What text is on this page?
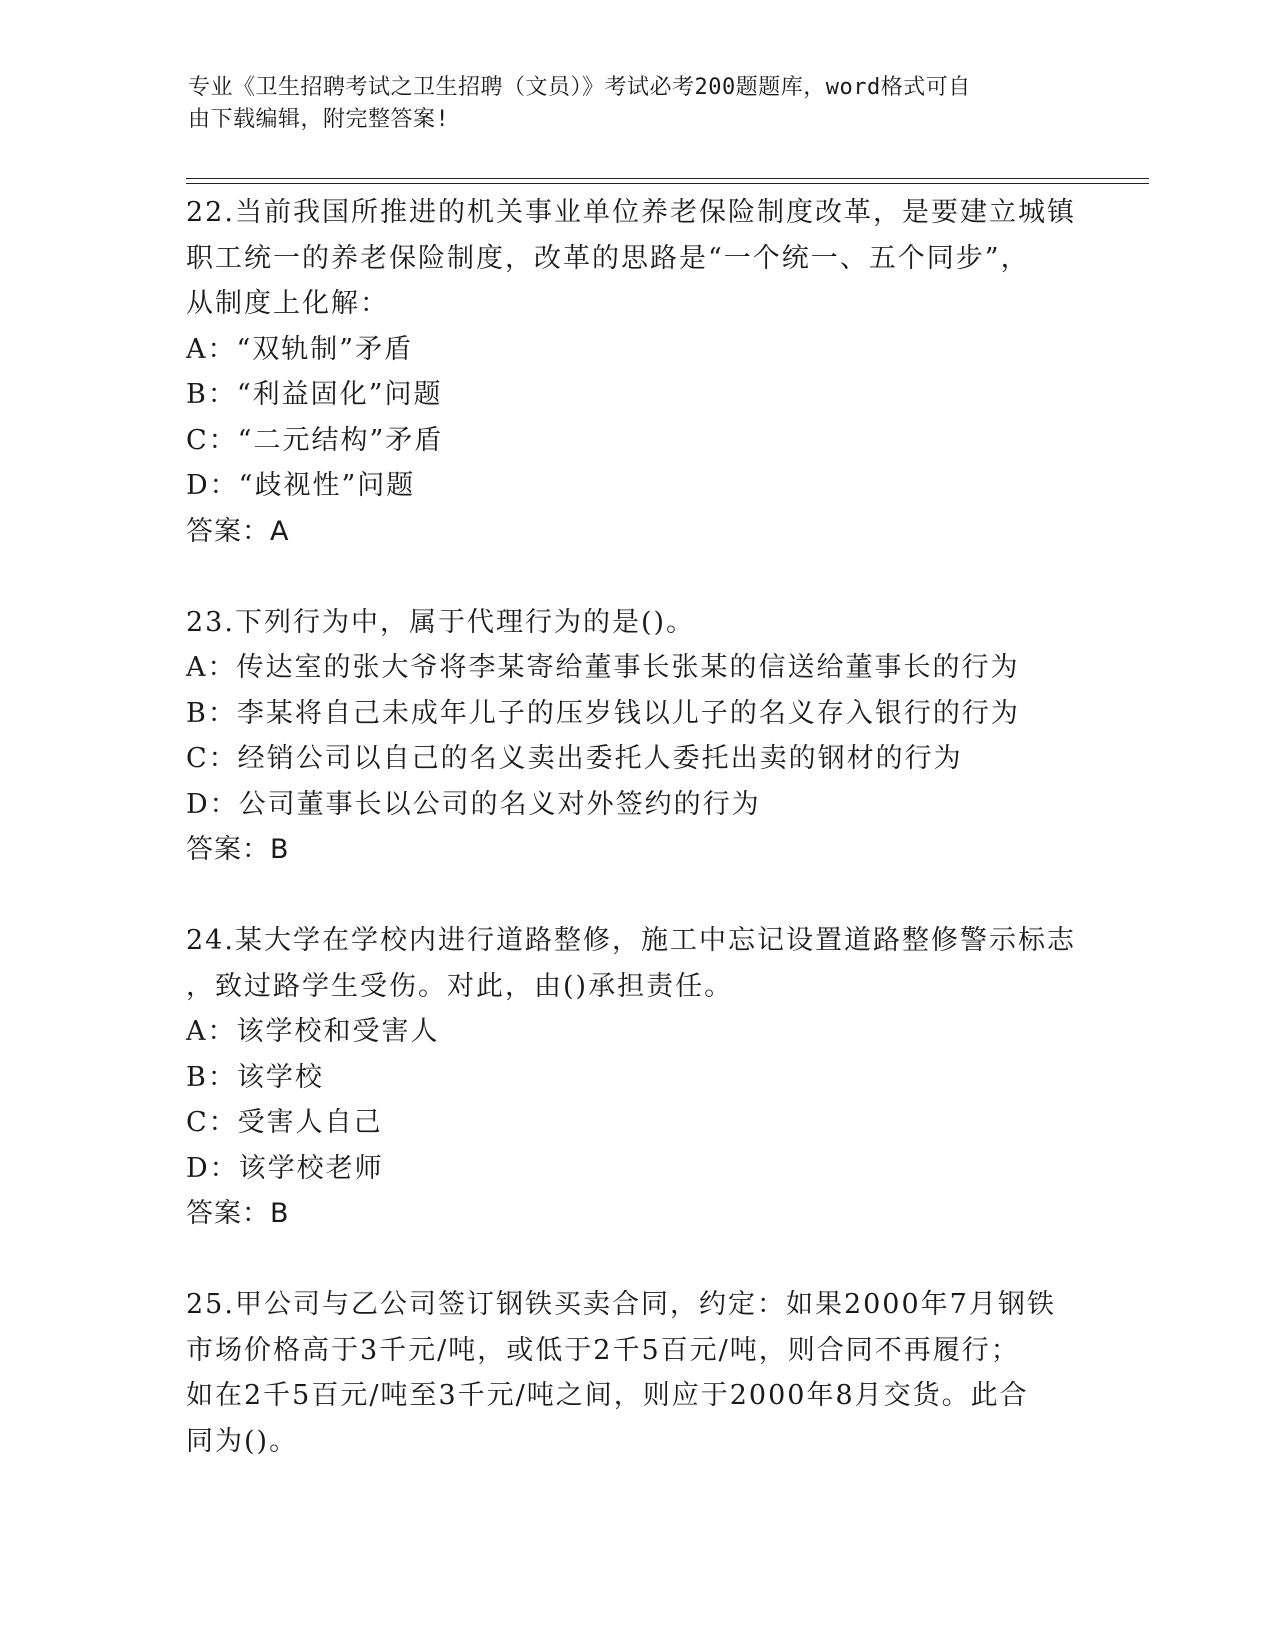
专业《卫生招聘考试之卫生招聘（文员）》考试必考200题题库，word格式可自
由下载编辑，附完整答案!
22.当前我国所推进的机关事业单位养老保险制度改革，是要建立城镇
职工统一的养老保险制度，改革的思路是“一个统一、五个同步”，
从制度上化解：
A：“双轨制”矛盾
B：“利益固化”问题
C：“二元结构”矛盾
D：“歧视性”问题
答案：A
23.下列行为中，属于代理行为的是()。
A：传达室的张大爷将李某寄给董事长张某的信送给董事长的行为
B：李某将自己未成年儿子的压岁钱以儿子的名义存入银行的行为
C：经销公司以自己的名义卖出委托人委托出卖的钢材的行为
D：公司董事长以公司的名义对外签约的行为
答案：B
24.某大学在学校内进行道路整修，施工中忘记设置道路整修警示标志
，致过路学生受伤。对此，由()承担责任。
A：该学校和受害人
B：该学校
C：受害人自己
D：该学校老师
答案：B
25.甲公司与乙公司签订钢铁买卖合同，约定：如果2000年7月钢铁
市场价格高于3千元/吨，或低于2千5百元/吨，则合同不再履行；
如在2千5百元/吨至3千元/吨之间，则应于2000年8月交货。此合
同为()。
